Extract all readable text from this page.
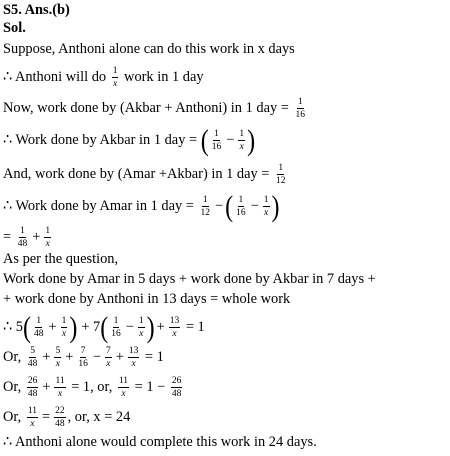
S5. Ans.(b)
Sol.
Suppose, Anthoni alone can do this work in x days
∴ Anthoni will do $\frac{1}{x}$ work in 1 day
Now, work done by (Akbar + Anthoni) in 1 day = $\frac{1}{16}$
∴ Work done by Akbar in 1 day = ( $\frac{1}{16} - \frac{1}{x}$ )
And, work done by (Amar +Akbar) in 1 day = $\frac{1}{12}$
∴ Work done by Amar in 1 day = $\frac{1}{12}$ −( $\frac{1}{16} - \frac{1}{x}$ )
= $\frac{1}{48} + \frac{1}{x}$
As per the question,
Work done by Amar in 5 days + work done by Akbar in 7 days +
+ work done by Anthoni in 13 days = whole work
∴ $5( \frac{1}{48} + \frac{1}{x}$ ) + $7( \frac{1}{16} - \frac{1}{x}$ ) + $\frac{13}{x} = 1$
Or, $\frac{5}{48} + \frac{5}{x} + \frac{7}{16} - \frac{7}{x} + \frac{13}{x} = 1$
Or, $\frac{26}{48} + \frac{11}{x} = 1$, or, $\frac{11}{x} = 1 - \frac{26}{48}$
Or, $\frac{11}{x} = \frac{22}{48}$ , or, x = 24
∴ Anthoni alone would complete this work in 24 days.
